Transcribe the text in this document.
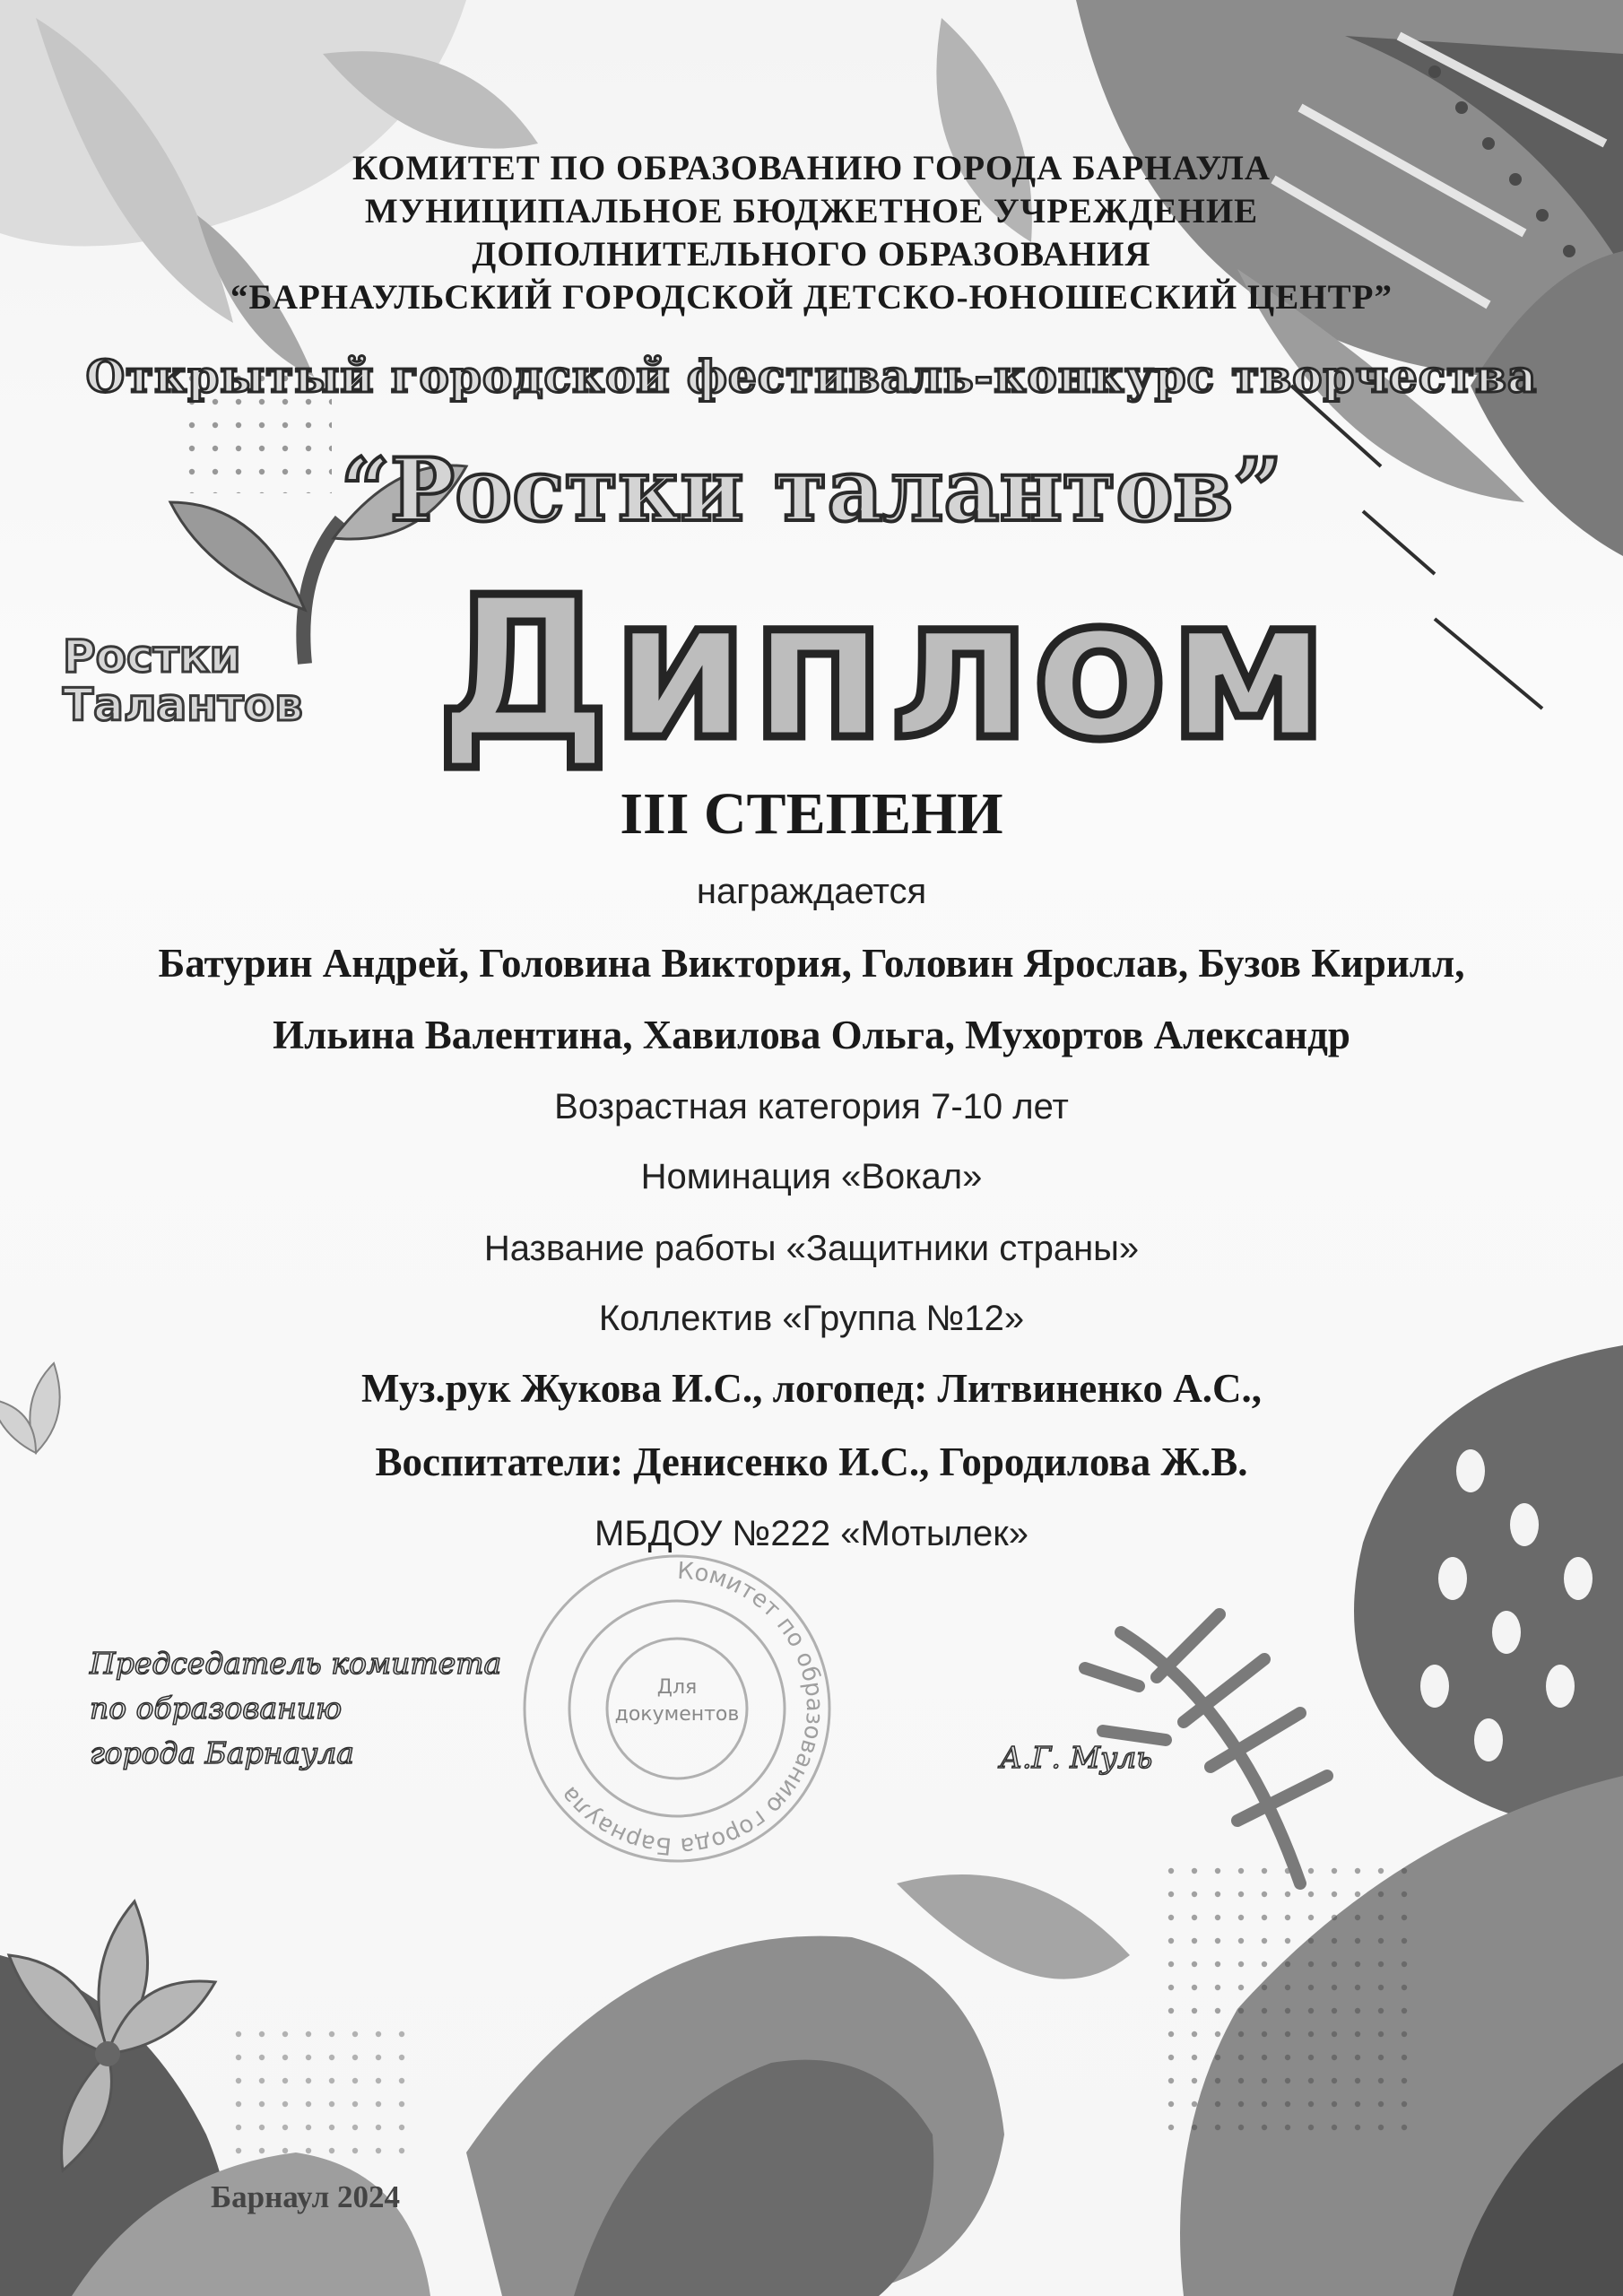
Комитет по образованию города Барнаула
Для
документов
КОМИТЕТ ПО ОБРАЗОВАНИЮ ГОРОДА БАРНАУЛА
МУНИЦИПАЛЬНОЕ БЮДЖЕТНОЕ УЧРЕЖДЕНИЕ
ДОПОЛНИТЕЛЬНОГО ОБРАЗОВАНИЯ
“БАРНАУЛЬСКИЙ ГОРОДСКОЙ ДЕТСКО-ЮНОШЕСКИЙ ЦЕНТР”
Открытый городской фестиваль-конкурс творчества
“Ростки талантов”
Ростки
Талантов Диплом
III СТЕПЕНИ
награждается
Батурин Андрей, Головина Виктория, Головин Ярослав, Бузов Кирилл,
Ильина Валентина, Хавилова Ольга, Мухортов Александр
Возрастная категория 7-10 лет
Номинация «Вокал»
Название работы «Защитники страны»
Коллектив «Группа №12»
Муз.рук Жукова И.С., логопед: Литвиненко А.С.,
Воспитатели: Денисенко И.С., Городилова Ж.В.
МБДОУ №222 «Мотылек»
Председатель комитета
по образованию
города Барнаула	А.Г. Муль
Барнаул 2024
